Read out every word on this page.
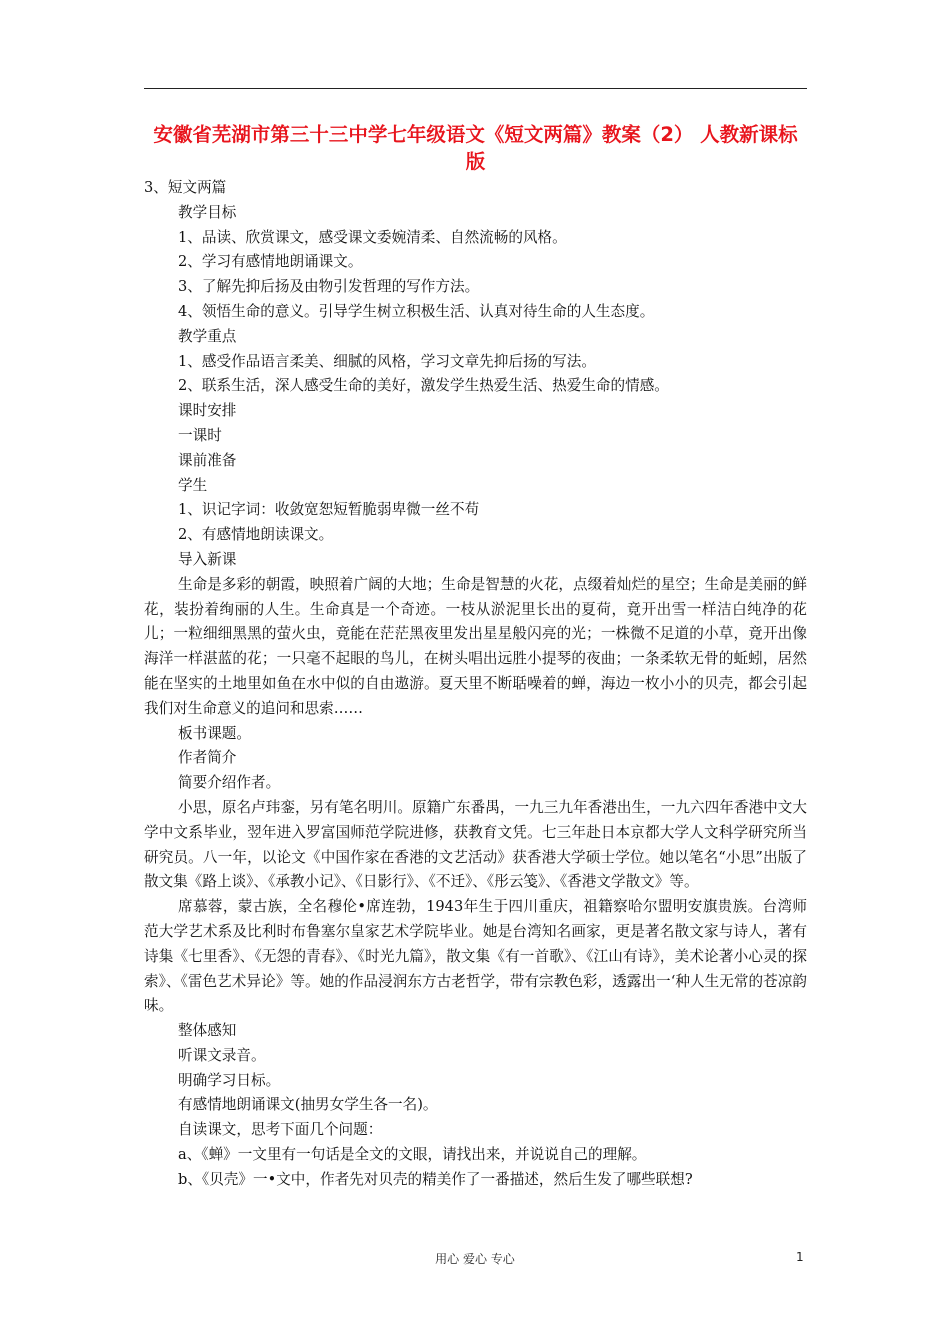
安徽省芜湖市第三十三中学七年级语文《短文两篇》教案（2） 人教新课标版

3、短文两篇

教学目标

1、品读、欣赏课文，感受课文委婉清柔、自然流畅的风格。

2、学习有感情地朗诵课文。

3、了解先抑后扬及由物引发哲理的写作方法。

4、领悟生命的意义。引导学生树立积极生活、认真对待生命的人生态度。

教学重点

1、感受作品语言柔美、细腻的风格，学习文章先抑后扬的写法。

2、联系生活，深人感受生命的美好，激发学生热爱生活、热爱生命的情感。

课时安排

一课时

课前准备

学生

1、识记字词：收敛宽恕短暂脆弱卑微一丝不苟

2、有感情地朗读课文。

导入新课

生命是多彩的朝霞，映照着广阔的大地；生命是智慧的火花，点缀着灿烂的星空；生命是美丽的鲜花，装扮着绚丽的人生。生命真是一个奇迹。一枝从淤泥里长出的夏荷，竟开出雪一样洁白纯净的花儿；一粒细细黑黑的萤火虫，竟能在茫茫黑夜里发出星星般闪亮的光；一株微不足道的小草，竟开出像海洋一样湛蓝的花；一只毫不起眼的鸟儿，在树头唱出远胜小提琴的夜曲；一条柔软无骨的蚯蚓，居然能在坚实的土地里如鱼在水中似的自由遨游。夏天里不断聒噪着的蝉，海边一枚小小的贝壳，都会引起我们对生命意义的追问和思索……

板书课题。

作者简介

简要介绍作者。

小思，原名卢玮銮，另有笔名明川。原籍广东番禺，一九三九年香港出生，一九六四年香港中文大学中文系毕业，翌年进入罗富国师范学院进修，获教育文凭。七三年赴日本京都大学人文科学研究所当研究员。八一年，以论文《中国作家在香港的文艺活动》获香港大学硕士学位。她以笔名“小思”出版了散文集《路上谈》、《承教小记》、《日影行》、《不迁》、《彤云笺》、《香港文学散文》等。

席慕蓉，蒙古族，全名穆伦•席连勃，1943年生于四川重庆，祖籍察哈尔盟明安旗贵族。台湾师范大学艺术系及比利时布鲁塞尔皇家艺术学院毕业。她是台湾知名画家，更是著名散文家与诗人，著有诗集《七里香》、《无怨的青春》、《时光九篇》，散文集《有一首歌》、《江山有诗》，美术论著小心灵的探索》、《雷色艺术异论》等。她的作品浸润东方古老哲学，带有宗教色彩，透露出一‘种人生无常的苍凉韵味。

整体感知

听课文录音。

明确学习日标。

有感情地朗诵课文(抽男女学生各一名)。

自读课文，思考下面几个问题：

a、《蝉》一文里有一句话是全文的文眼，请找出来，并说说自己的理解。

b、《贝壳》一•文中，作者先对贝壳的精美作了一番描述，然后生发了哪些联想?

用心 爱心 专心	1
